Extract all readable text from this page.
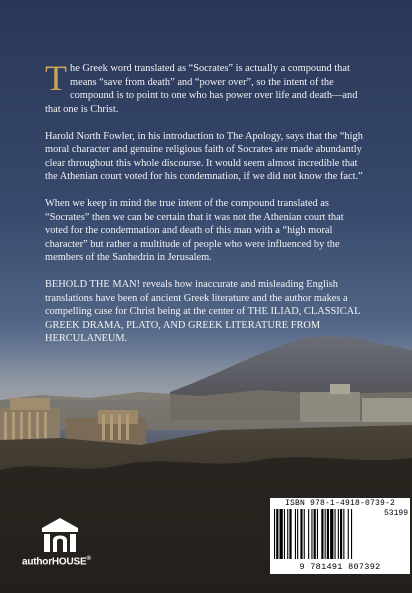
The Greek word translated as “Socrates” is actually a compound that means “save from death” and “power over”, so the intent of the compound is to point to one who has power over life and death—and that one is Christ.

Harold North Fowler, in his introduction to The Apology, says that the “high moral character and genuine religious faith of Socrates are made abundantly clear throughout this whole discourse. It would seem almost incredible that the Athenian court voted for his condemnation, if we did not know the fact.”

When we keep in mind the true intent of the compound translated as “Socrates” then we can be certain that it was not the Athenian court that voted for the condemnation and death of this man with a “high moral character” but rather a multitude of people who were influenced by the members of the Sanhedrin in Jerusalem.

BEHOLD THE MAN! reveals how inaccurate and misleading English translations have been of ancient Greek literature and the author makes a compelling case for Christ being at the center of THE ILIAD, CLASSICAL GREEK DRAMA, PLATO, AND GREEK LITERATURE FROM HERCULANEUM.

ISBN 978-1-4918-0739-2
53199
9 781491 807392
authorHOUSE®
